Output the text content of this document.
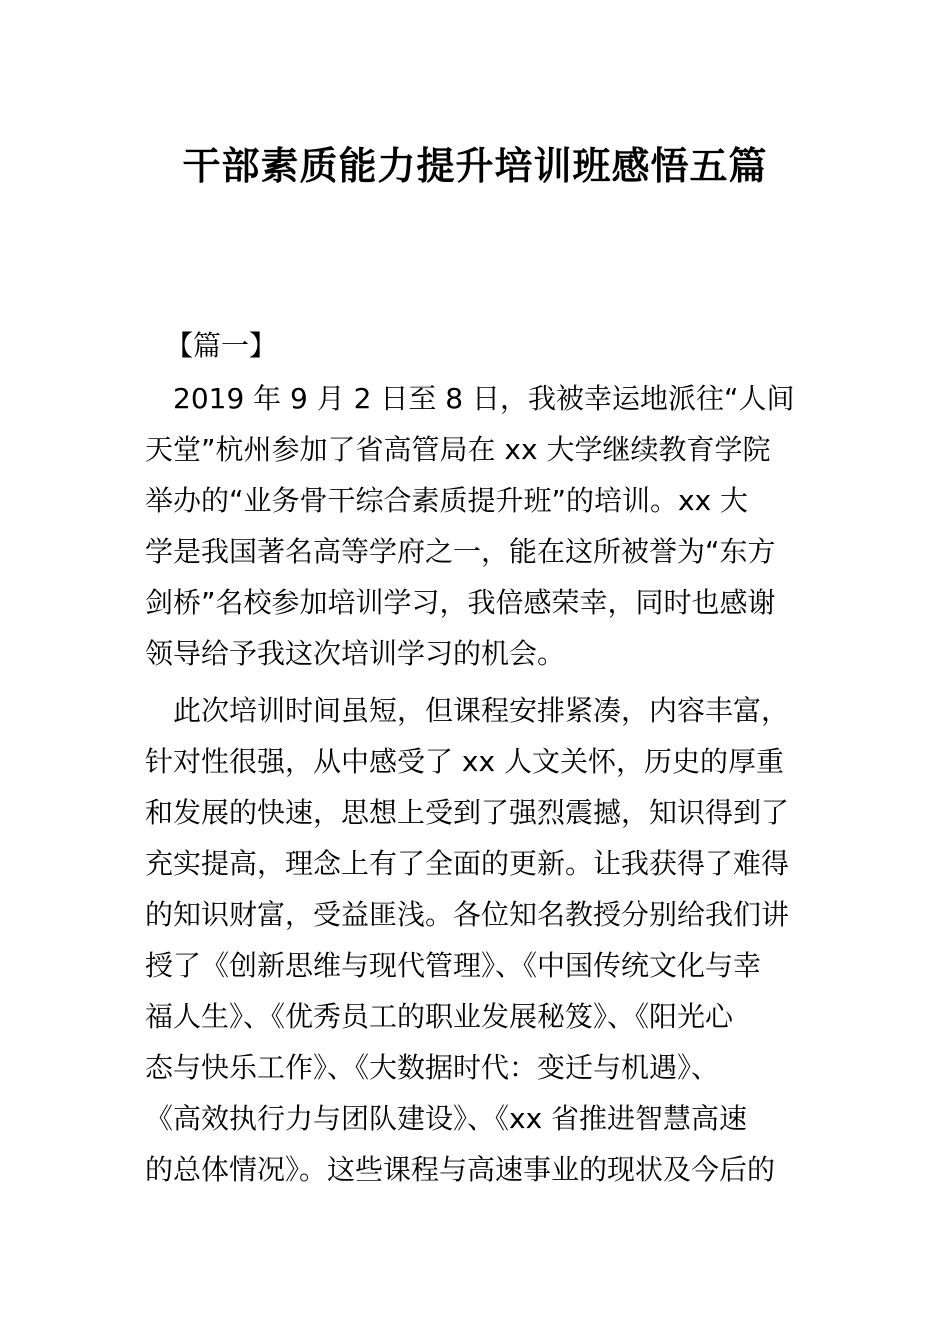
干部素质能力提升培训班感悟五篇
【篇一】
　2019 年 9 月 2 日至 8 日，我被幸运地派往“人间
天堂”杭州参加了省高管局在 xx 大学继续教育学院
举办的“业务骨干综合素质提升班”的培训。xx 大
学是我国著名高等学府之一，能在这所被誉为“东方
剑桥”名校参加培训学习，我倍感荣幸，同时也感谢
领导给予我这次培训学习的机会。
　此次培训时间虽短，但课程安排紧凑，内容丰富，
针对性很强，从中感受了 xx 人文关怀，历史的厚重
和发展的快速，思想上受到了强烈震撼，知识得到了
充实提高，理念上有了全面的更新。让我获得了难得
的知识财富，受益匪浅。各位知名教授分别给我们讲
授了《创新思维与现代管理》、《中国传统文化与幸
福人生》、《优秀员工的职业发展秘笈》、《阳光心
态与快乐工作》、《大数据时代：变迁与机遇》、
《高效执行力与团队建设》、《xx 省推进智慧高速
的总体情况》。这些课程与高速事业的现状及今后的
